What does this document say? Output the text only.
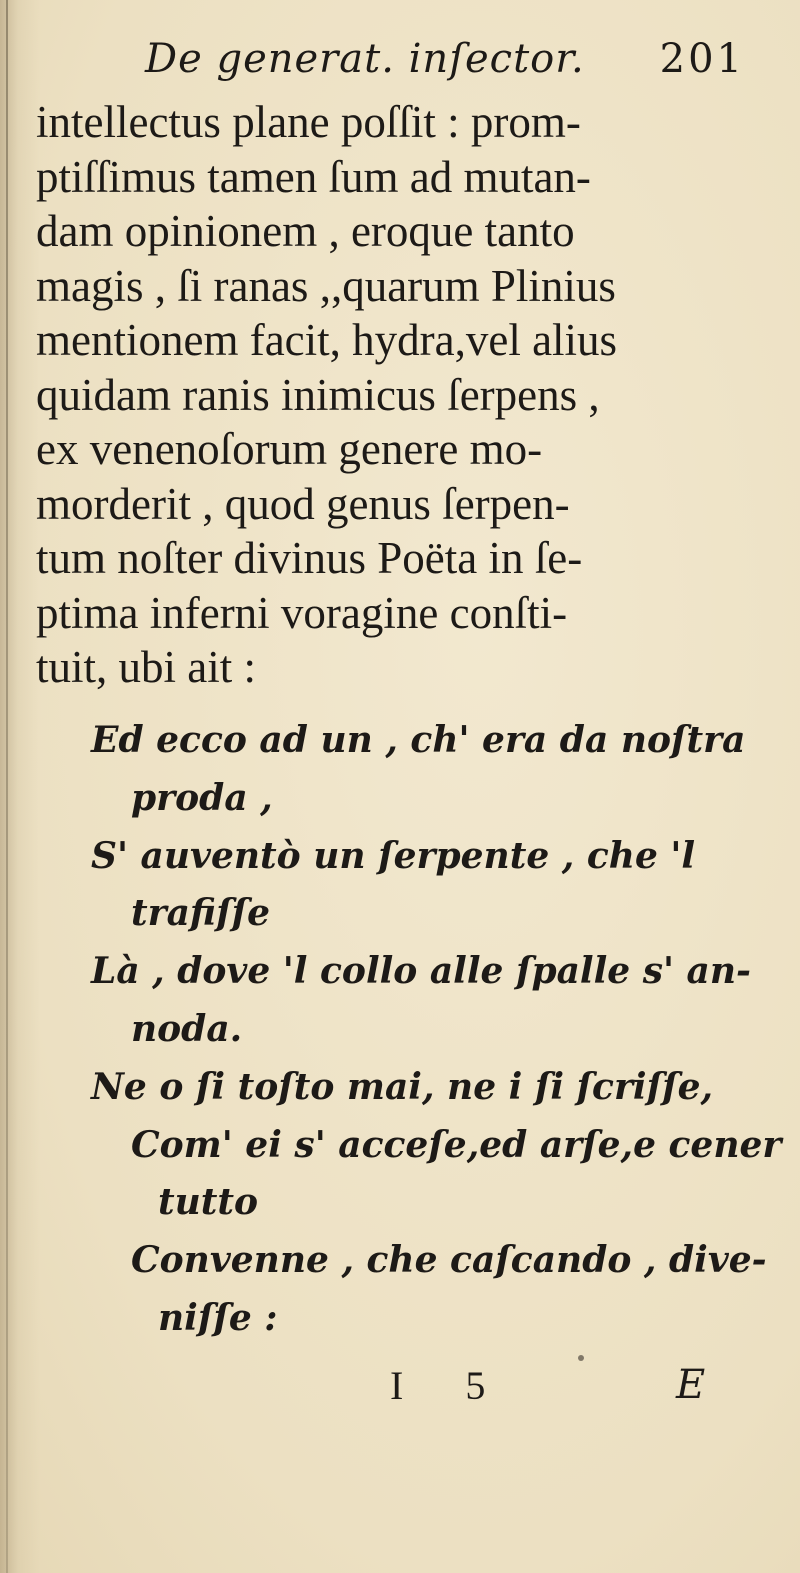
De generat. inſector. 201
intellectus plane poſſit : prom-
ptiſſimus tamen ſum ad mutan-
dam opinionem , eroque tanto
magis , ſi ranas ,,quarum Plinius
mentionem facit, hydra,vel alius
quidam ranis inimicus ſerpens ,
ex venenoſorum genere mo-
morderit , quod genus ſerpen-
tum noſter divinus Poëta in ſe-
ptima inferni voragine conſti-
tuit, ubi ait :
Ed ecco ad un , ch' era da noſtra
proda ,
S' auventò un ſerpente , che 'l
trafiſſe
Là , dove 'l collo alle ſpalle s' an-
noda.
Ne o ſi toſto mai, ne i ſi ſcriſſe,
Com' ei s' acceſe,ed arſe,e cener
tutto
Convenne , che caſcando , dive-
niſſe :
I 5	E
